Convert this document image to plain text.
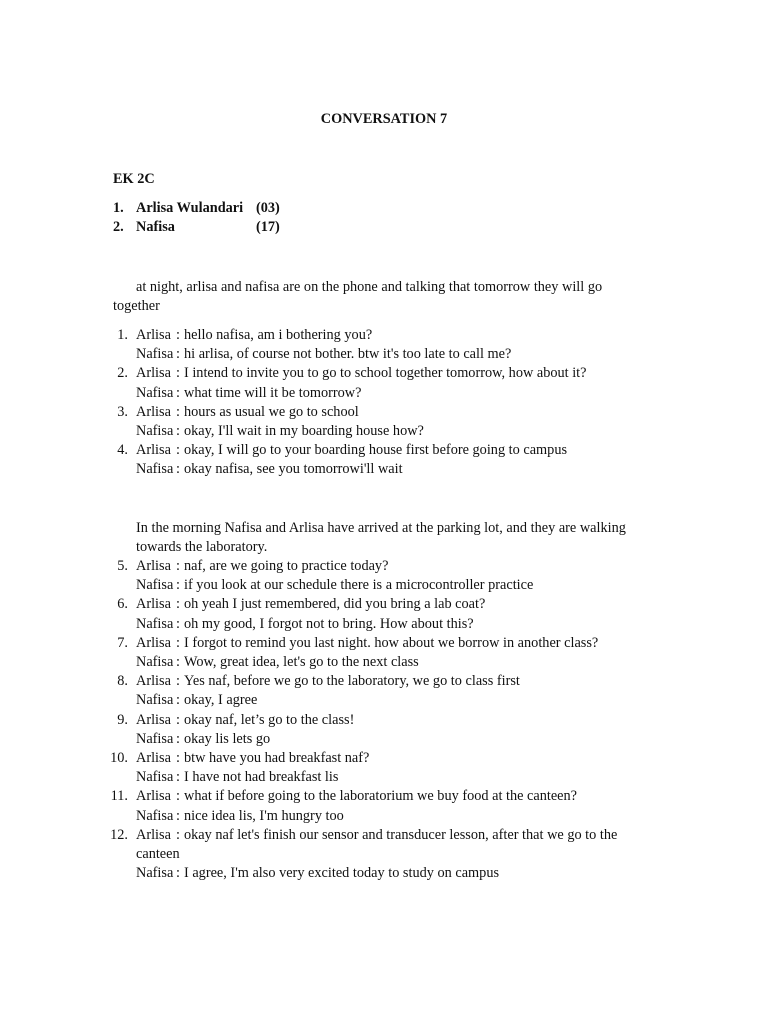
CONVERSATION 7
EK 2C
1. Arlisa Wulandari (03)
2. Nafisa	(17)
at night, arlisa and nafisa are on the phone and talking that tomorrow they will go together
1. Arlisa : hello nafisa, am i bothering you?
Nafisa : hi arlisa, of course not bother. btw it's too late to call me?
2. Arlisa : I intend to invite you to go to school together tomorrow, how about it?
Nafisa : what time will it be tomorrow?
3. Arlisa : hours as usual we go to school
Nafisa : okay, I'll wait in my boarding house how?
4. Arlisa : okay, I will go to your boarding house first before going to campus
Nafisa : okay nafisa, see you tomorrowi'll wait
5. Arlisa : naf, are we going to practice today?
Nafisa : if you look at our schedule there is a microcontroller practice
6. Arlisa : oh yeah I just remembered, did you bring a lab coat?
Nafisa : oh my good, I forgot not to bring. How about this?
7. Arlisa : I forgot to remind you last night. how about we borrow in another class?
Nafisa : Wow, great idea, let's go to the next class
8. Arlisa : Yes naf, before we go to the laboratory, we go to class first
Nafisa : okay, I agree
9. Arlisa : okay naf, let’s go to the class!
Nafisa : okay lis lets go
10. Arlisa : btw have you had breakfast naf?
Nafisa : I have not had breakfast lis
11. Arlisa : what if before going to the laboratorium we buy food at the canteen?
Nafisa : nice idea lis, I'm hungry too
12. Arlisa : okay naf let's finish our sensor and transducer lesson, after that we go to the
canteen
Nafisa : I agree, I'm also very excited today to study on campus
In the morning Nafisa and Arlisa have arrived at the parking lot, and they are walking towards the laboratory.
